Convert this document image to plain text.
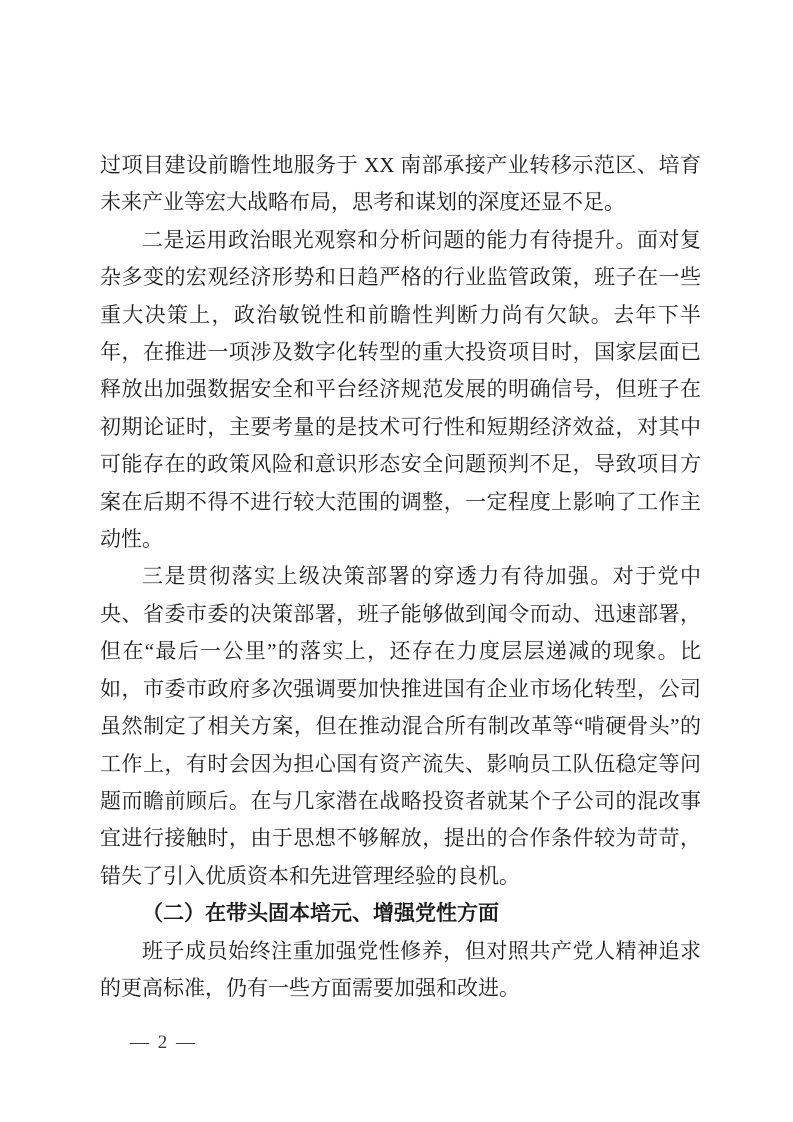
过项目建设前瞻性地服务于 XX 南部承接产业转移示范区、培育未来产业等宏大战略布局，思考和谋划的深度还显不足。

二是运用政治眼光观察和分析问题的能力有待提升。面对复杂多变的宏观经济形势和日趋严格的行业监管政策，班子在一些重大决策上，政治敏锐性和前瞻性判断力尚有欠缺。去年下半年，在推进一项涉及数字化转型的重大投资项目时，国家层面已释放出加强数据安全和平台经济规范发展的明确信号，但班子在初期论证时，主要考量的是技术可行性和短期经济效益，对其中可能存在的政策风险和意识形态安全问题预判不足，导致项目方案在后期不得不进行较大范围的调整，一定程度上影响了工作主动性。

三是贯彻落实上级决策部署的穿透力有待加强。对于党中央、省委市委的决策部署，班子能够做到闻令而动、迅速部署，但在“最后一公里”的落实上，还存在力度层层递减的现象。比如，市委市政府多次强调要加快推进国有企业市场化转型，公司虽然制定了相关方案，但在推动混合所有制改革等“啃硬骨头”的工作上，有时会因为担心国有资产流失、影响员工队伍稳定等问题而瞻前顾后。在与几家潜在战略投资者就某个子公司的混改事宜进行接触时，由于思想不够解放，提出的合作条件较为苛苛，错失了引入优质资本和先进管理经验的良机。

（二）在带头固本培元、增强党性方面

班子成员始终注重加强党性修养，但对照共产党人精神追求的更高标准，仍有一些方面需要加强和改进。

— 2 —
